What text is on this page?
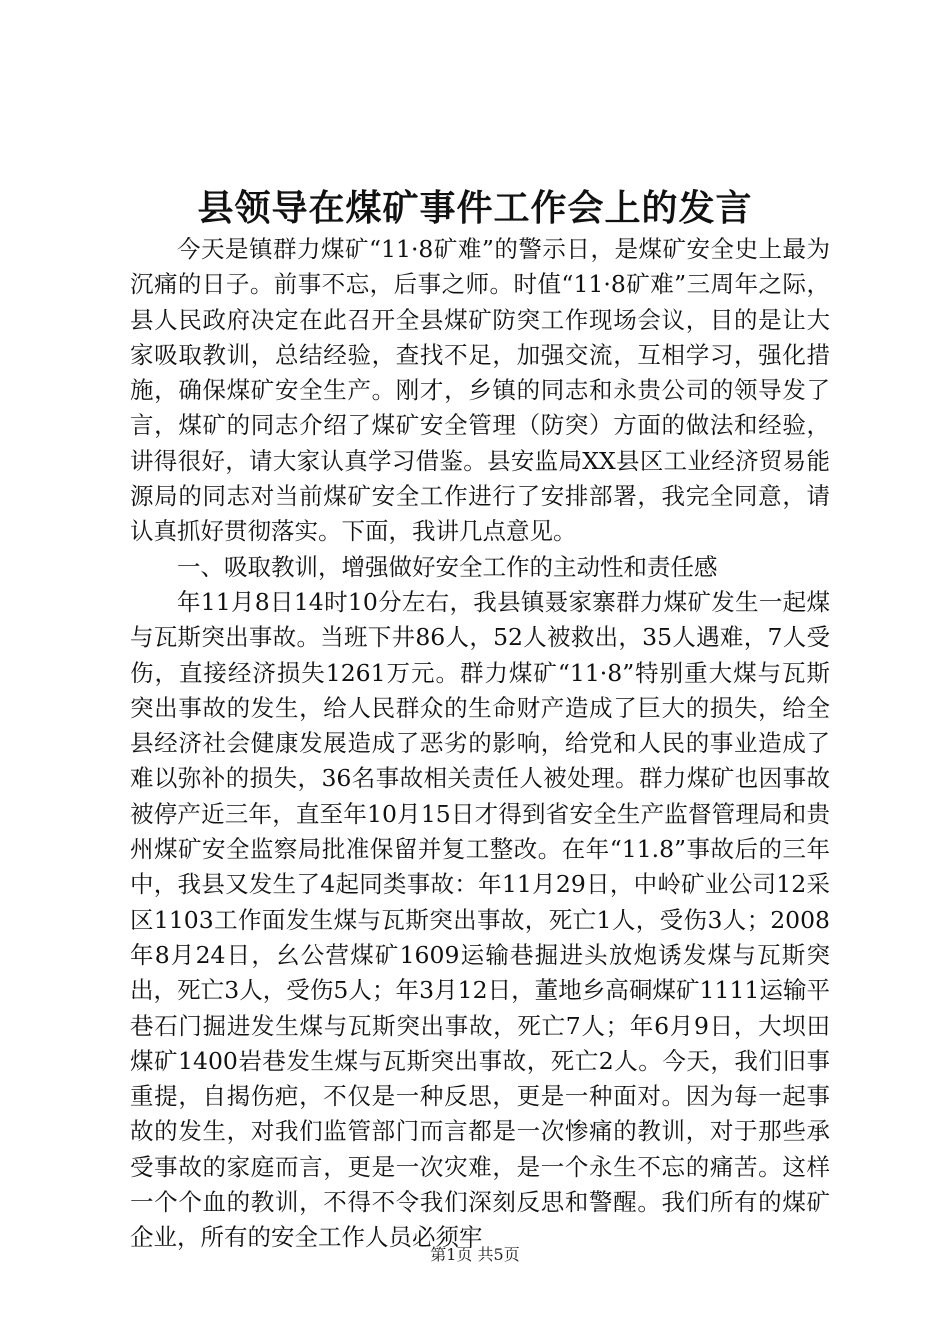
县领导在煤矿事件工作会上的发言

今天是镇群力煤矿“11·8矿难”的警示日，是煤矿安全史上最为沉痛的日子。前事不忘，后事之师。时值“11·8矿难”三周年之际，县人民政府决定在此召开全县煤矿防突工作现场会议，目的是让大家吸取教训，总结经验，查找不足，加强交流，互相学习，强化措施，确保煤矿安全生产。刚才，乡镇的同志和永贵公司的领导发了言，煤矿的同志介绍了煤矿安全管理（防突）方面的做法和经验，讲得很好，请大家认真学习借鉴。县安监局XX县区工业经济贸易能源局的同志对当前煤矿安全工作进行了安排部署，我完全同意，请认真抓好贯彻落实。下面，我讲几点意见。

一、吸取教训，增强做好安全工作的主动性和责任感

年11月8日14时10分左右，我县镇聂家寨群力煤矿发生一起煤与瓦斯突出事故。当班下井86人，52人被救出，35人遇难，7人受伤，直接经济损失1261万元。群力煤矿“11·8”特别重大煤与瓦斯突出事故的发生，给人民群众的生命财产造成了巨大的损失，给全县经济社会健康发展造成了恶劣的影响，给党和人民的事业造成了难以弥补的损失，36名事故相关责任人被处理。群力煤矿也因事故被停产近三年，直至年10月15日才得到省安全生产监督管理局和贵州煤矿安全监察局批准保留并复工整改。在年“11.8”事故后的三年中，我县又发生了4起同类事故：年11月29日，中岭矿业公司12采区1103工作面发生煤与瓦斯突出事故，死亡1人，受伤3人；2008年8月24日，幺公营煤矿1609运输巷掘进头放炮诱发煤与瓦斯突出，死亡3人，受伤5人；年3月12日，董地乡高硐煤矿1111运输平巷石门掘进发生煤与瓦斯突出事故，死亡7人；年6月9日，大坝田煤矿1400岩巷发生煤与瓦斯突出事故，死亡2人。今天，我们旧事重提，自揭伤疤，不仅是一种反思，更是一种面对。因为每一起事故的发生，对我们监管部门而言都是一次惨痛的教训，对于那些承受事故的家庭而言，更是一次灾难，是一个永生不忘的痛苦。这样一个个血的教训，不得不令我们深刻反思和警醒。我们所有的煤矿企业，所有的安全工作人员必须牢

第1页 共5页
